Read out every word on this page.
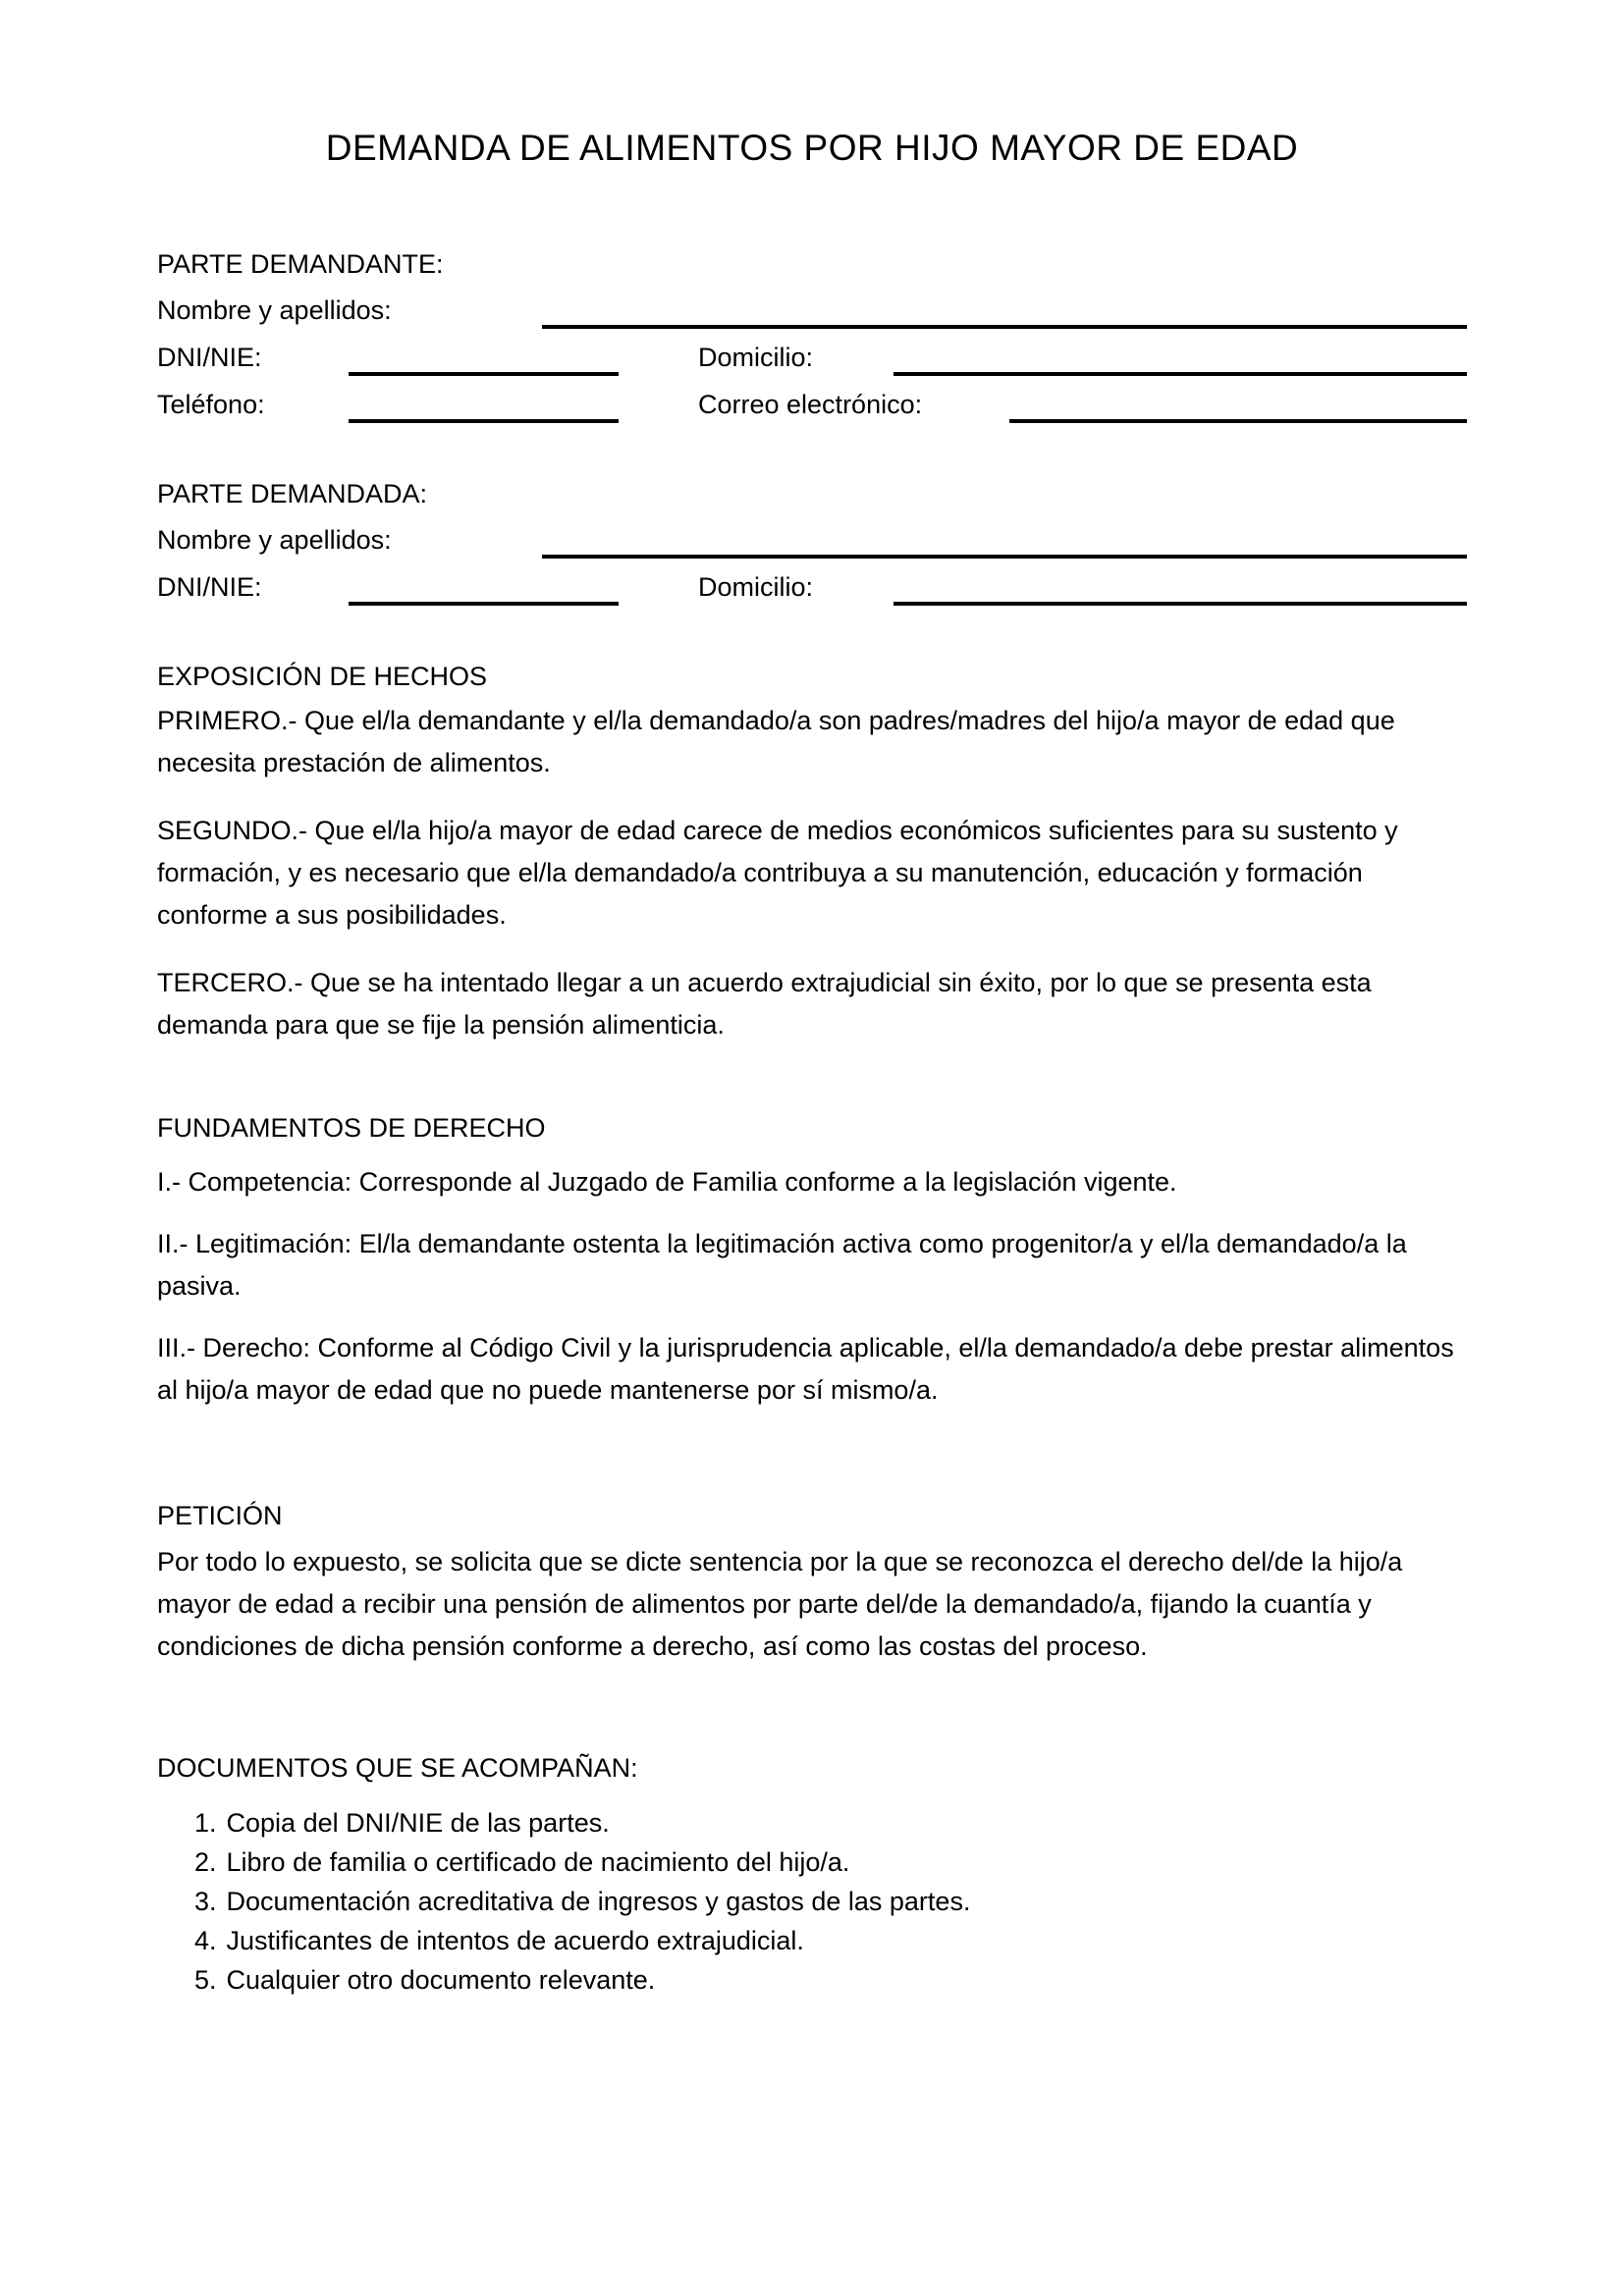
DEMANDA DE ALIMENTOS POR HIJO MAYOR DE EDAD
PARTE DEMANDANTE:
Nombre y apellidos:
DNI/NIE:	Domicilio:
Teléfono:	Correo electrónico:
PARTE DEMANDADA:
Nombre y apellidos:
DNI/NIE:	Domicilio:
EXPOSICIÓN DE HECHOS

PRIMERO.- Que el/la demandante y el/la demandado/a son padres/madres del hijo/a mayor de edad que necesita prestación de alimentos.

SEGUNDO.- Que el/la hijo/a mayor de edad carece de medios económicos suficientes para su sustento y formación, y es necesario que el/la demandado/a contribuya a su manutención, educación y formación conforme a sus posibilidades.

TERCERO.- Que se ha intentado llegar a un acuerdo extrajudicial sin éxito, por lo que se presenta esta demanda para que se fije la pensión alimenticia.

FUNDAMENTOS DE DERECHO

I.- Competencia: Corresponde al Juzgado de Familia conforme a la legislación vigente.

II.- Legitimación: El/la demandante ostenta la legitimación activa como progenitor/a y el/la demandado/a la pasiva.

III.- Derecho: Conforme al Código Civil y la jurisprudencia aplicable, el/la demandado/a debe prestar alimentos al hijo/a mayor de edad que no puede mantenerse por sí mismo/a.

PETICIÓN

Por todo lo expuesto, se solicita que se dicte sentencia por la que se reconozca el derecho del/de la hijo/a mayor de edad a recibir una pensión de alimentos por parte del/de la demandado/a, fijando la cuantía y condiciones de dicha pensión conforme a derecho, así como las costas del proceso.

DOCUMENTOS QUE SE ACOMPAÑAN:
1. Copia del DNI/NIE de las partes.
2. Libro de familia o certificado de nacimiento del hijo/a.
3. Documentación acreditativa de ingresos y gastos de las partes.
4. Justificantes de intentos de acuerdo extrajudicial.
5. Cualquier otro documento relevante.
